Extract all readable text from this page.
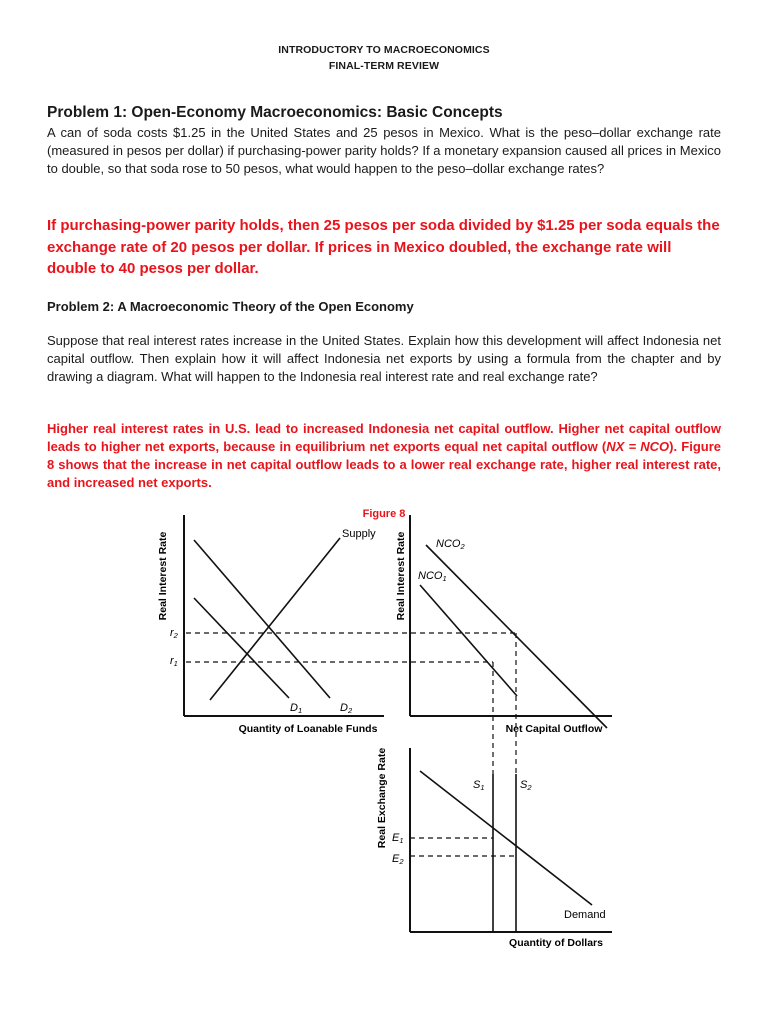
INTRODUCTORY TO MACROECONOMICS
FINAL-TERM REVIEW
Problem 1: Open-Economy Macroeconomics: Basic Concepts
A can of soda costs $1.25 in the United States and 25 pesos in Mexico. What is the peso–dollar exchange rate (measured in pesos per dollar) if purchasing-power parity holds? If a monetary expansion caused all prices in Mexico to double, so that soda rose to 50 pesos, what would happen to the peso–dollar exchange rates?
If purchasing-power parity holds, then 25 pesos per soda divided by $1.25 per soda equals the exchange rate of 20 pesos per dollar. If prices in Mexico doubled, the exchange rate will double to 40 pesos per dollar.
Problem 2: A Macroeconomic Theory of the Open Economy
Suppose that real interest rates increase in the United States. Explain how this development will affect Indonesia net capital outflow. Then explain how it will affect Indonesia net exports by using a formula from the chapter and by drawing a diagram. What will happen to the Indonesia real interest rate and real exchange rate?
Higher real interest rates in U.S. lead to increased Indonesia net capital outflow. Higher net capital outflow leads to higher net exports, because in equilibrium net exports equal net capital outflow (NX = NCO). Figure 8 shows that the increase in net capital outflow leads to a lower real exchange rate, higher real interest rate, and increased net exports.
Figure 8
Real Interest Rate
Quantity of Loanable Funds
Supply
D1	D2
r2
r1
Real Interest Rate
Net Capital Outflow
NCO2
NCO1
Real Exchange Rate
Quantity of Dollars
S1	S2
E1
E2
Demand
